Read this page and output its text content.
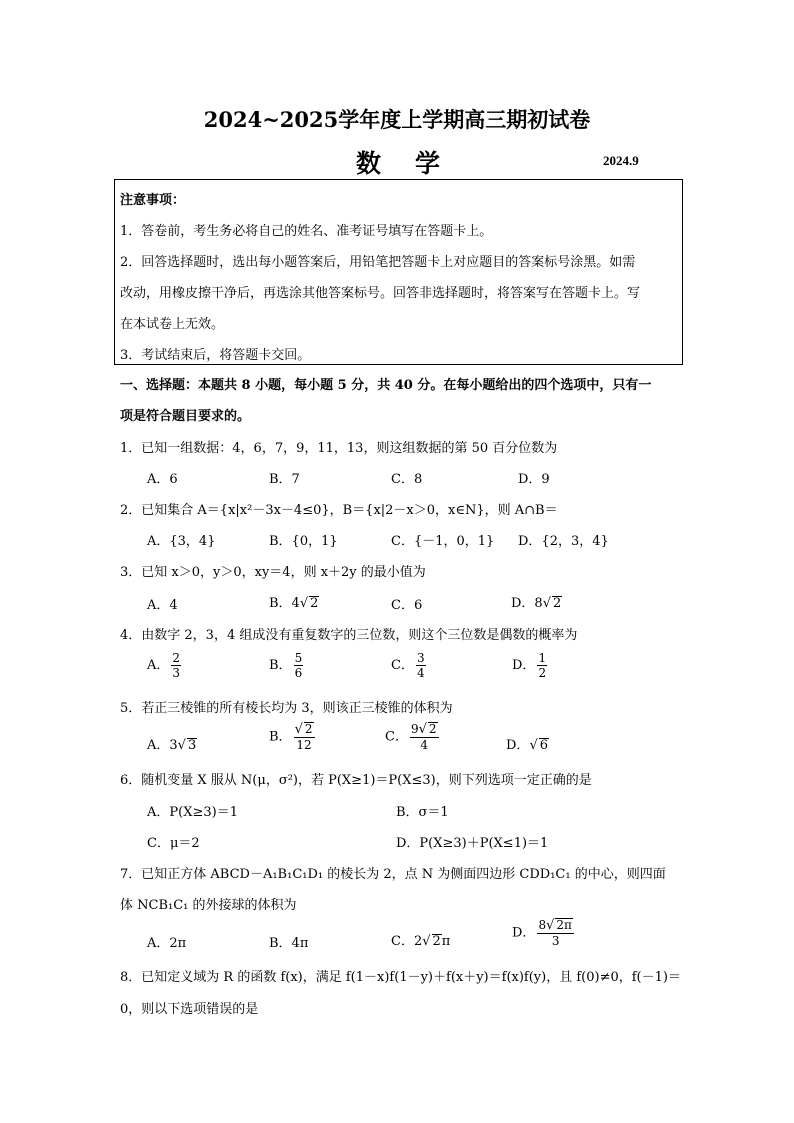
2024~2025学年度上学期高三期初试卷
数学	2024.9
注意事项：
1．答卷前，考生务必将自己的姓名、准考证号填写在答题卡上。
2．回答选择题时，选出每小题答案后，用铅笔把答题卡上对应题目的答案标号涂黑。如需
改动，用橡皮擦干净后，再选涂其他答案标号。回答非选择题时，将答案写在答题卡上。写
在本试卷上无效。
3．考试结束后，将答题卡交回。
一、选择题：本题共 8 小题，每小题 5 分，共 40 分。在每小题给出的四个选项中，只有一
项是符合题目要求的。
1．已知一组数据：4，6，7，9，11，13，则这组数据的第 50 百分位数为
A．6	B．7	C．8	D．9
2．已知集合 A＝{x|x²－3x－4≤0}，B＝{x|2－x＞0，x∈N}，则 A∩B＝
A．{3，4}	B．{0，1}	C．{－1，0，1} D．{2，3，4}
3．已知 x＞0，y＞0，xy＝4，则 x＋2y 的最小值为
A．4	B．4√ 2	C．6	D．8√ 2
4．由数字 2，3，4 组成没有重复数字的三位数，则这个三位数是偶数的概率为
A． $\frac{2}{3}$	B． $\frac{5}{6}$	C． $\frac{3}{4}$	D． $\frac{1}{2}$
5．若正三棱锥的所有棱长均为 3，则该正三棱锥的体积为
A．3√ 3
B． $\frac{√ 2}{12}$	C． $\frac{9√ 2}{4}$	D．√ 6
6．随机变量 X 服从 N(μ，σ²)，若 P(X≥1)＝P(X≤3)，则下列选项一定正确的是
A．P(X≥3)＝1	B．σ＝1
C．μ＝2	D．P(X≥3)＋P(X≤1)＝1
7．已知正方体 ABCD－A₁B₁C₁D₁ 的棱长为 2，点 N 为侧面四边形 CDD₁C₁ 的中心，则四面
体 NCB₁C₁ 的外接球的体积为
A．2π	B．4π	C．2√ 2π
D． $\frac{8√ 2\pi}{3}$
8．已知定义域为 R 的函数 f(x)，满足 f(1－x)f(1－y)＋f(x＋y)＝f(x)f(y)，且 f(0)≠0，f(－1)＝
0，则以下选项错误的是
